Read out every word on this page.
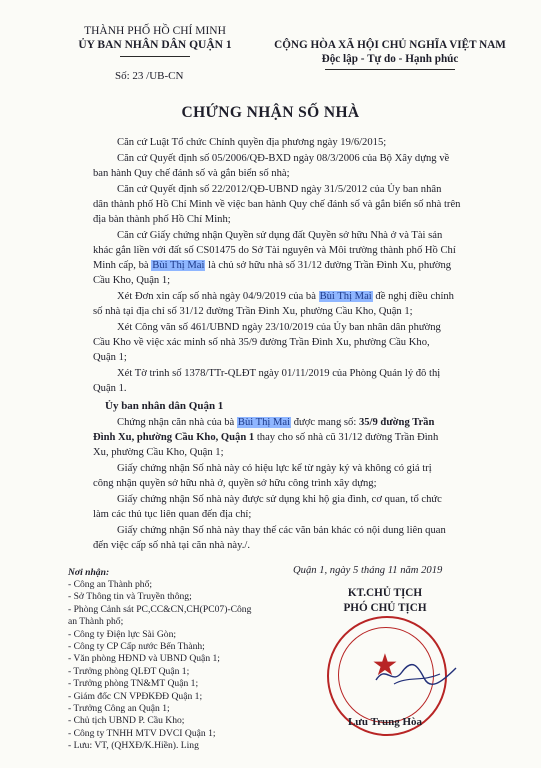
THÀNH PHỐ HỒ CHÍ MINH
ỦY BAN NHÂN DÂN QUẬN 1
Số: 23 /UB-CN
CỘNG HÒA XÃ HỘI CHỦ NGHĨA VIỆT NAM
Độc lập - Tự do - Hạnh phúc
CHỨNG NHẬN SỐ NHÀ
Căn cứ Luật Tổ chức Chính quyền địa phương ngày 19/6/2015;
Căn cứ Quyết định số 05/2006/QĐ-BXD ngày 08/3/2006 của Bộ Xây dựng về
ban hành Quy chế đánh số và gắn biển số nhà;
Căn cứ Quyết định số 22/2012/QĐ-UBND ngày 31/5/2012 của Ủy ban nhân
dân thành phố Hồ Chí Minh về việc ban hành Quy chế đánh số và gắn biển số nhà trên
địa bàn thành phố Hồ Chí Minh;
Căn cứ Giấy chứng nhận Quyền sử dụng đất Quyền sở hữu Nhà ở và Tài sản
khác gắn liền với đất số CS01475 do Sở Tài nguyên và Môi trường thành phố Hồ Chí
Minh cấp, bà Bùi Thị Mai là chủ sở hữu nhà số 31/12 đường Trần Đình Xu, phường
Cầu Kho, Quận 1;
Xét Đơn xin cấp số nhà ngày 04/9/2019 của bà Bùi Thị Mai đề nghị điều chỉnh
số nhà tại địa chỉ số 31/12 đường Trần Đình Xu, phường Cầu Kho, Quận 1;
Xét Công văn số 461/UBND ngày 23/10/2019 của Ủy ban nhân dân phường
Cầu Kho về việc xác minh số nhà 35/9 đường Trần Đình Xu, phường Cầu Kho,
Quận 1;
Xét Tờ trình số 1378/TTr-QLĐT ngày 01/11/2019 của Phòng Quản lý đô thị
Quận 1.
Ủy ban nhân dân Quận 1
Chứng nhận căn nhà của bà Bùi Thị Mai được mang số: 35/9 đường Trần
Đình Xu, phường Cầu Kho, Quận 1 thay cho số nhà cũ 31/12 đường Trần Đình
Xu, phường Cầu Kho, Quận 1;
Giấy chứng nhận Số nhà này có hiệu lực kể từ ngày ký và không có giá trị
công nhận quyền sở hữu nhà ở, quyền sở hữu công trình xây dựng;
Giấy chứng nhận Số nhà này được sử dụng khi hộ gia đình, cơ quan, tổ chức
làm các thủ tục liên quan đến địa chỉ;
Giấy chứng nhận Số nhà này thay thế các văn bản khác có nội dung liên quan
đến việc cấp số nhà tại căn nhà này./.
Nơi nhận:
- Công an Thành phố;
- Sở Thông tin và Truyền thông;
- Phòng Cảnh sát PC,CC&CN,CH(PC07)-Công
an Thành phố;
- Công ty Điện lực Sài Gòn;
- Công ty CP Cấp nước Bến Thành;
- Văn phòng HĐND và UBND Quận 1;
- Trưởng phòng QLĐT Quận 1;
- Trưởng phòng TN&MT Quận 1;
- Giám đốc CN VPĐKĐĐ Quận 1;
- Trưởng Công an Quận 1;
- Chủ tịch UBND P. Cầu Kho;
- Công ty TNHH MTV DVCI Quận 1;
- Lưu: VT, (QHXĐ/K.Hiền). Ling
Quận 1, ngày 5 tháng 11 năm 2019
KT.CHỦ TỊCH
PHÓ CHỦ TỊCH
★
Lưu Trung Hòa
